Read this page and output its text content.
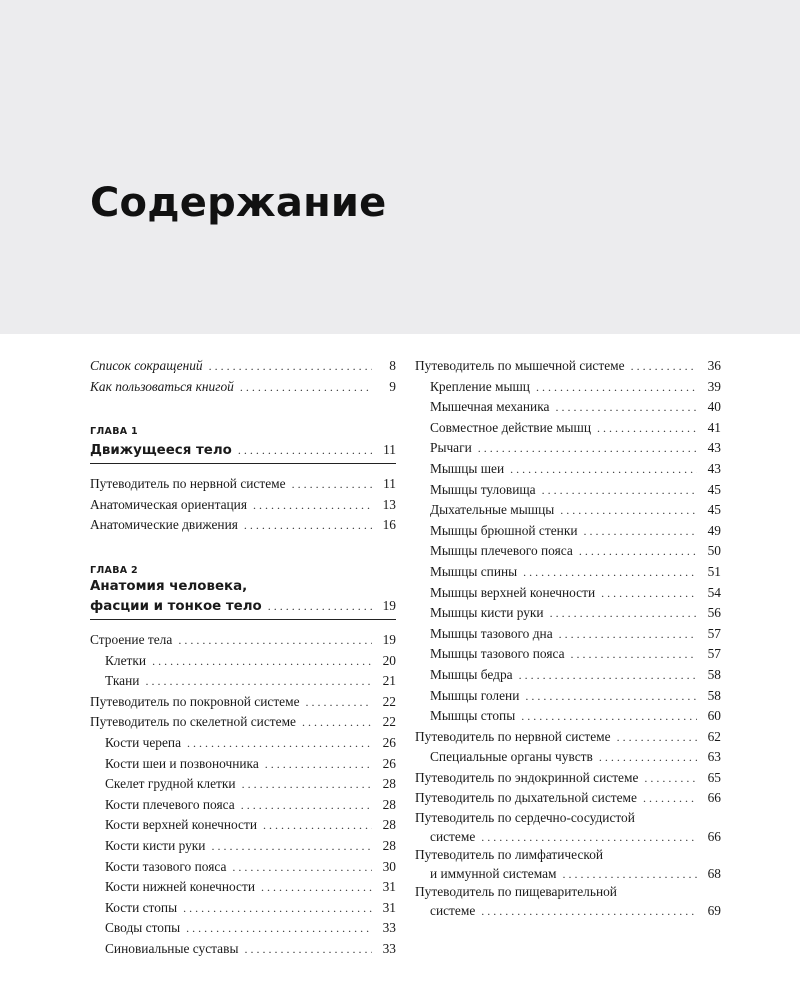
Содержание
Список сокращений . . .	8
Как пользоваться книгой . . .	9
ГЛАВА 1
Движущееся тело . . .	11
Путеводитель по нервной системе . . .	11
Анатомическая ориентация . . .	13
Анатомические движения . . .	16
ГЛАВА 2
Анатомия человека,
фасции и тонкое тело . . .	19
Строение тела . . .	19
Клетки . . .	20
Ткани . . .	21
Путеводитель по покровной системе . . .	22
Путеводитель по скелетной системе . . .	22
Кости черепа . . .	26
Кости шеи и позвоночника . . .	26
Скелет грудной клетки . . .	28
Кости плечевого пояса . . .	28
Кости верхней конечности . . .	28
Кости кисти руки . . .	28
Кости тазового пояса . . .	30
Кости нижней конечности . . .	31
Кости стопы . . .	31
Своды стопы . . .	33
Синовиальные суставы . . .	33
Путеводитель по мышечной системе . . .	36
Крепление мышц . . .	39
Мышечная механика . . .	40
Совместное действие мышц . . .	41
Рычаги . . .	43
Мышцы шеи . . .	43
Мышцы туловища . . .	45
Дыхательные мышцы . . .	45
Мышцы брюшной стенки . . .	49
Мышцы плечевого пояса . . .	50
Мышцы спины . . .	51
Мышцы верхней конечности . . .	54
Мышцы кисти руки . . .	56
Мышцы тазового дна . . .	57
Мышцы тазового пояса . . .	57
Мышцы бедра . . .	58
Мышцы голени . . .	58
Мышцы стопы . . .	60
Путеводитель по нервной системе . . .	62
Специальные органы чувств . . .	63
Путеводитель по эндокринной системе . . .	65
Путеводитель по дыхательной системе . . .	66
Путеводитель по сердечно-сосудистой
системе . . .	66
Путеводитель по лимфатической
и иммунной системам . . .	68
Путеводитель по пищеварительной
системе . . .	69
